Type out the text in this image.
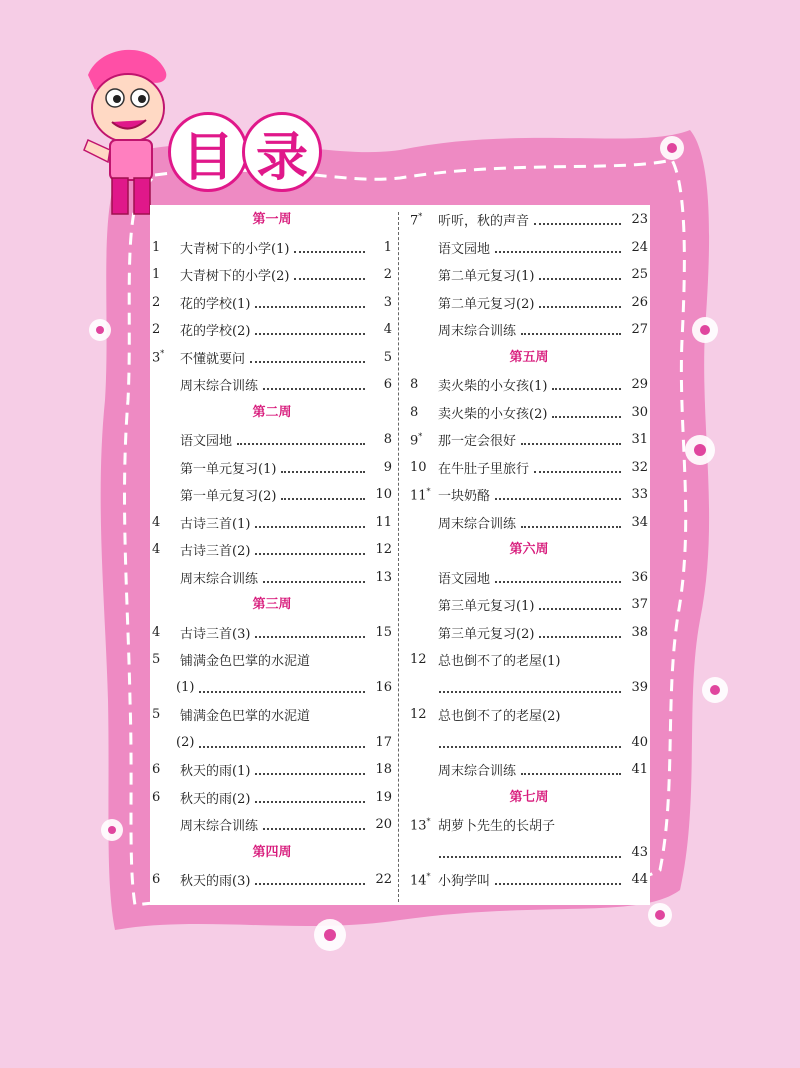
目 录
第一周
1	大青树下的小学(1)	1
1	大青树下的小学(2)	2
2	花的学校(1)	3
2	花的学校(2)	4
3*	不懂就要问	5
周末综合训练	6
第二周
语文园地	8
第一单元复习(1)	9
第一单元复习(2)	10
4	古诗三首(1)	11
4	古诗三首(2)	12
周末综合训练	13
第三周
4	古诗三首(3)	15
5	铺满金色巴掌的水泥道
(1)	16
5	铺满金色巴掌的水泥道
(2)	17
6	秋天的雨(1)	18
6	秋天的雨(2)	19
周末综合训练	20
第四周
6	秋天的雨(3)	22
7*	听听，秋的声音	23
语文园地	24
第二单元复习(1)	25
第二单元复习(2)	26
周末综合训练	27
第五周
8	卖火柴的小女孩(1)	29
8	卖火柴的小女孩(2)	30
9*	那一定会很好	31
10 在牛肚子里旅行	32
11* 一块奶酪	33
周末综合训练	34
第六周
语文园地	36
第三单元复习(1)	37
第三单元复习(2)	38
12 总也倒不了的老屋(1)
39
12 总也倒不了的老屋(2)
40
周末综合训练	41
第七周
13* 胡萝卜先生的长胡子
43
14* 小狗学叫	44
